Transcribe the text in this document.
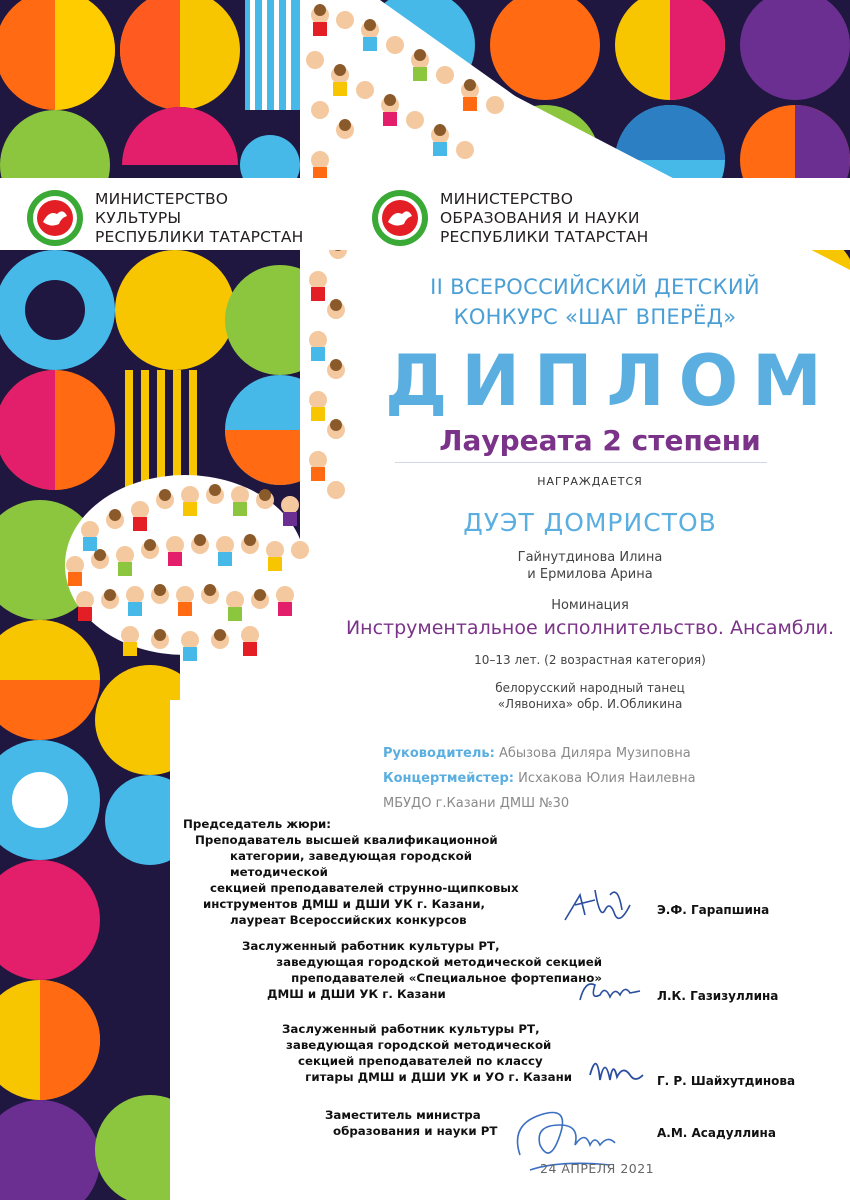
МИНИСТЕРСТВО
КУЛЬТУРЫ
РЕСПУБЛИКИ ТАТАРСТАН
МИНИСТЕРСТВО
ОБРАЗОВАНИЯ И НАУКИ
РЕСПУБЛИКИ ТАТАРСТАН
II ВСЕРОССИЙСКИЙ ДЕТСКИЙ
КОНКУРС «ШАГ ВПЕРЁД»
ДИПЛОМ
Лауреата 2 степени
НАГРАЖДАЕТСЯ
ДУЭТ ДОМРИСТОВ
Гайнутдинова Илина
и Ермилова Арина
Номинация
Инструментальное исполнительство. Ансамбли.
10–13 лет. (2 возрастная категория)
белорусский народный танец
«Лявониха» обр. И.Обликина
Руководитель: Абызова Диляра Музиповна
Концертмейстер: Исхакова Юлия Наилевна
МБУДО г.Казани ДМШ №30
Председатель жюри:
Преподаватель высшей квалификационной
категории, заведующая городской методической
секцией преподавателей струнно-щипковых
инструментов ДМШ и ДШИ УК г. Казани,
лауреат Всероссийских конкурсов
Э.Ф. Гарапшина
Заслуженный работник культуры РТ,
заведующая городской методической секцией
преподавателей «Специальное фортепиано»
ДМШ и ДШИ УК г. Казани	Л.К. Газизуллина
Заслуженный работник культуры РТ,
заведующая городской методической
секцией преподавателей по классу
гитары ДМШ и ДШИ УК и УО г. Казани	Г. Р. Шайхутдинова
Заместитель министра
образования и науки РТ	А.М. Асадуллина
24 АПРЕЛЯ 2021
